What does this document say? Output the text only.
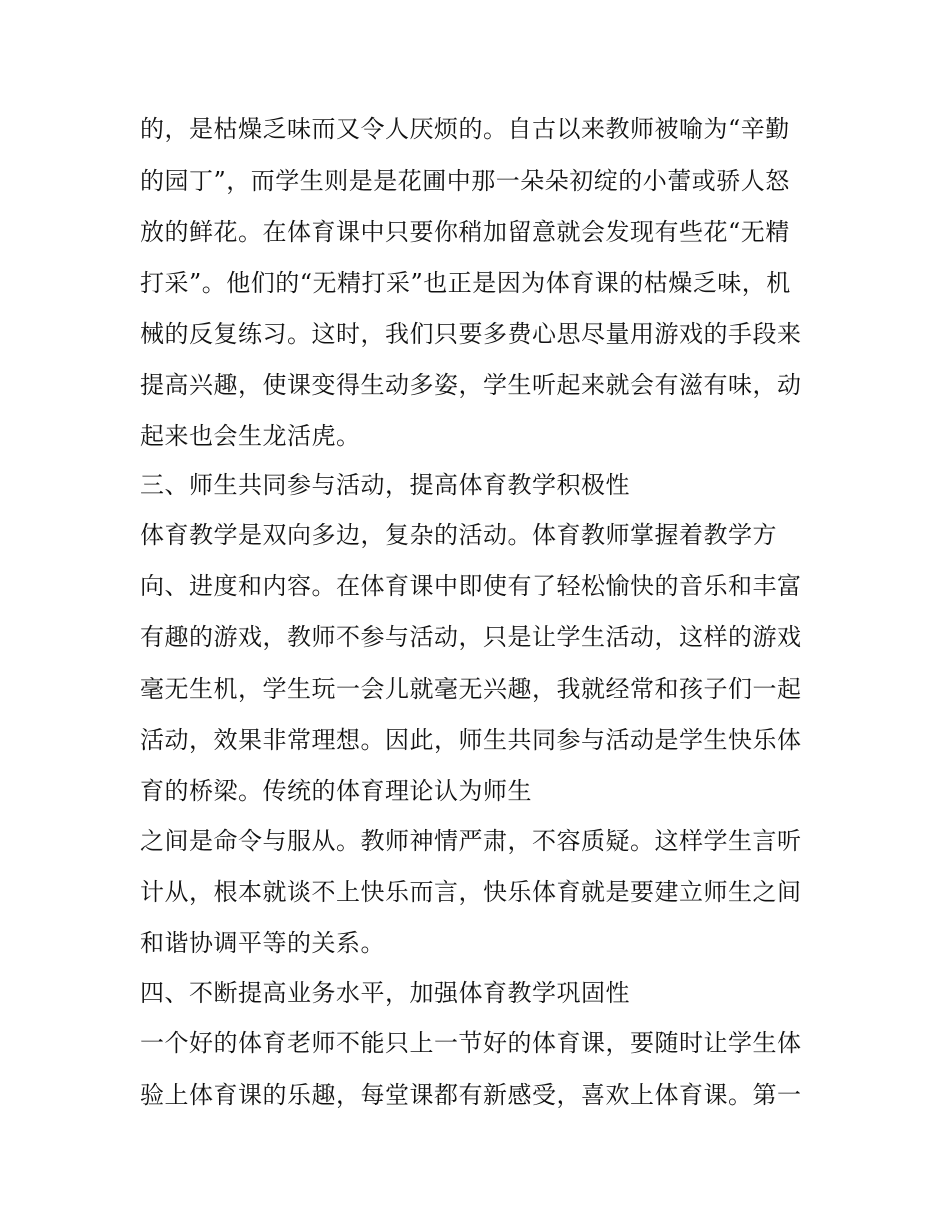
的，是枯燥乏味而又令人厌烦的。自古以来教师被喻为“辛勤
的园丁”，而学生则是是花圃中那一朵朵初绽的小蕾或骄人怒
放的鲜花。在体育课中只要你稍加留意就会发现有些花“无精
打采”。他们的“无精打采”也正是因为体育课的枯燥乏味，机
械的反复练习。这时，我们只要多费心思尽量用游戏的手段来
提高兴趣，使课变得生动多姿，学生听起来就会有滋有味，动
起来也会生龙活虎。
三、师生共同参与活动，提高体育教学积极性
体育教学是双向多边，复杂的活动。体育教师掌握着教学方
向、进度和内容。在体育课中即使有了轻松愉快的音乐和丰富
有趣的游戏，教师不参与活动，只是让学生活动，这样的游戏
毫无生机，学生玩一会儿就毫无兴趣，我就经常和孩子们一起
活动，效果非常理想。因此，师生共同参与活动是学生快乐体
育的桥梁。传统的体育理论认为师生
之间是命令与服从。教师神情严肃，不容质疑。这样学生言听
计从，根本就谈不上快乐而言，快乐体育就是要建立师生之间
和谐协调平等的关系。
四、不断提高业务水平，加强体育教学巩固性
一个好的体育老师不能只上一节好的体育课，要随时让学生体
验上体育课的乐趣，每堂课都有新感受，喜欢上体育课。第一
